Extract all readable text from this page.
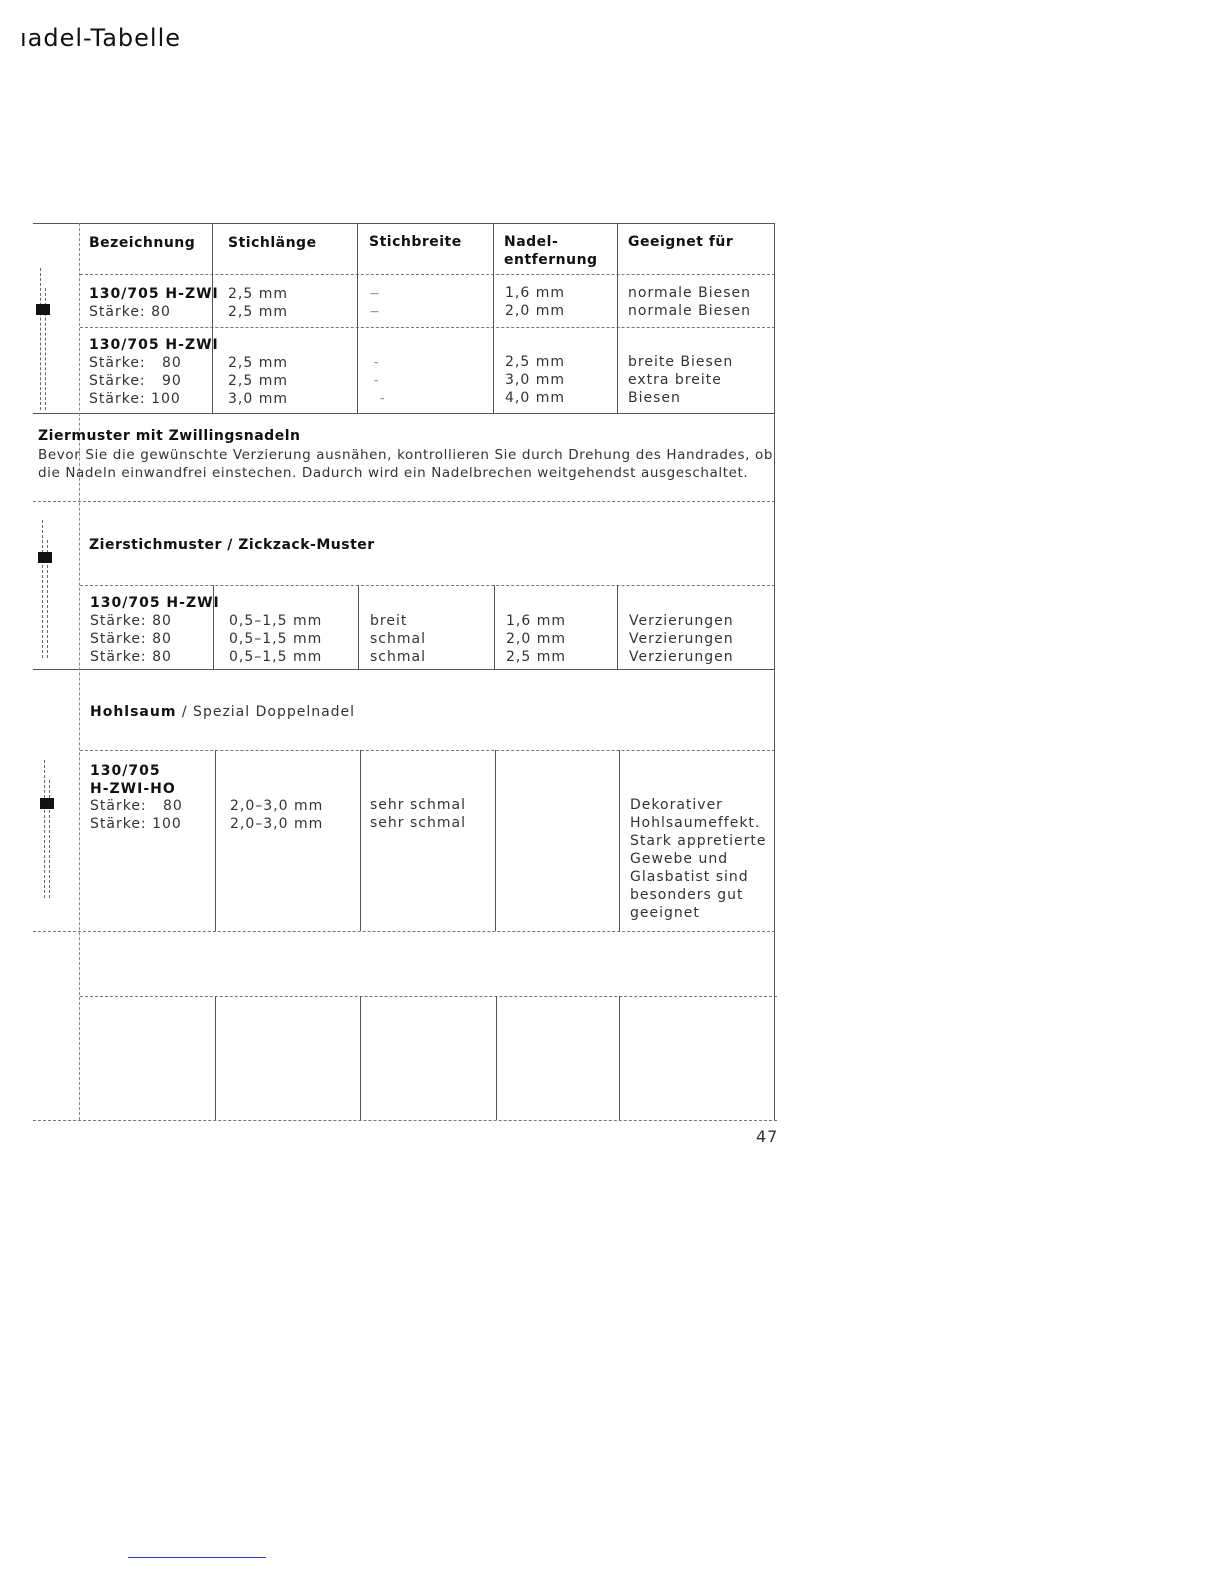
ıadel-Tabelle
Bezeichnung Stichlänge	Stichbreite	Nadel-
entfernung
Geeignet für
130/705 H-ZWI
Stärke: 80
2,5 mm
2,5 mm
—
—
1,6 mm
2,0 mm
normale Biesen
normale Biesen
130/705 H-ZWI
Stärke:   80
Stärke:   90
Stärke: 100
2,5 mm
2,5 mm
3,0 mm
–
–
–
2,5 mm
3,0 mm
4,0 mm
breite Biesen
extra breite
Biesen
Ziermuster mit Zwillingsnadeln
Bevor Sie die gewünschte Verzierung ausnähen, kontrollieren Sie durch Drehung des Handrades, ob die Nadeln einwandfrei einstechen. Dadurch wird ein Nadelbrechen weitgehendst ausgeschaltet.
Zierstichmuster / Zickzack-Muster
130/705 H-ZWI
Stärke: 80
Stärke: 80
Stärke: 80
0,5–1,5 mm
0,5–1,5 mm
0,5–1,5 mm
breit
schmal
schmal
1,6 mm
2,0 mm
2,5 mm
Verzierungen
Verzierungen
Verzierungen
Hohlsaum / Spezial Doppelnadel
130/705
H-ZWI-HO
Stärke:   80
Stärke: 100
2,0–3,0 mm
2,0–3,0 mm
sehr schmal
sehr schmal
Dekorativer
Hohlsaumeffekt.
Stark appretierte
Gewebe und
Glasbatist sind
besonders gut
geeignet
47
